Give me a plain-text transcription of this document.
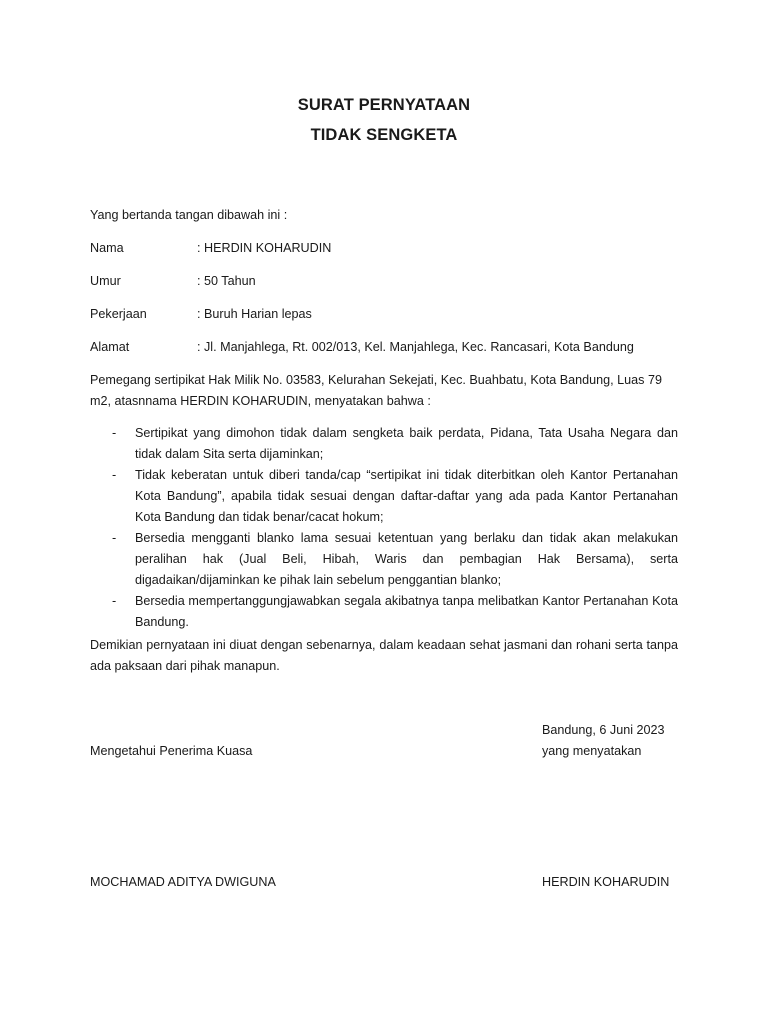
SURAT PERNYATAAN
TIDAK SENGKETA
Yang bertanda tangan dibawah ini :
Nama	: HERDIN KOHARUDIN
Umur	: 50 Tahun
Pekerjaan	: Buruh Harian lepas
Alamat	: Jl. Manjahlega, Rt. 002/013, Kel. Manjahlega, Kec. Rancasari, Kota Bandung
Pemegang sertipikat Hak Milik No. 03583, Kelurahan Sekejati, Kec. Buahbatu, Kota Bandung, Luas 79 m2, atasnnama HERDIN KOHARUDIN, menyatakan bahwa :
- Sertipikat yang dimohon tidak dalam sengketa baik perdata, Pidana, Tata Usaha Negara dan tidak dalam Sita serta dijaminkan;
- Tidak keberatan untuk diberi tanda/cap “sertipikat ini tidak diterbitkan oleh Kantor Pertanahan Kota Bandung”, apabila tidak sesuai dengan daftar-daftar yang ada pada Kantor Pertanahan Kota Bandung dan tidak benar/cacat hokum;
- Bersedia mengganti blanko lama sesuai ketentuan yang berlaku dan tidak akan melakukan peralihan hak (Jual Beli, Hibah, Waris dan pembagian Hak Bersama), serta digadaikan/dijaminkan ke pihak lain sebelum penggantian blanko;
- Bersedia mempertanggungjawabkan segala akibatnya tanpa melibatkan Kantor Pertanahan Kota Bandung.
Demikian pernyataan ini diuat dengan sebenarnya, dalam keadaan sehat jasmani dan rohani serta tanpa ada paksaan dari pihak manapun.
Bandung, 6 Juni 2023
yang menyatakan
Mengetahui Penerima Kuasa
MOCHAMAD ADITYA DWIGUNA	HERDIN KOHARUDIN
